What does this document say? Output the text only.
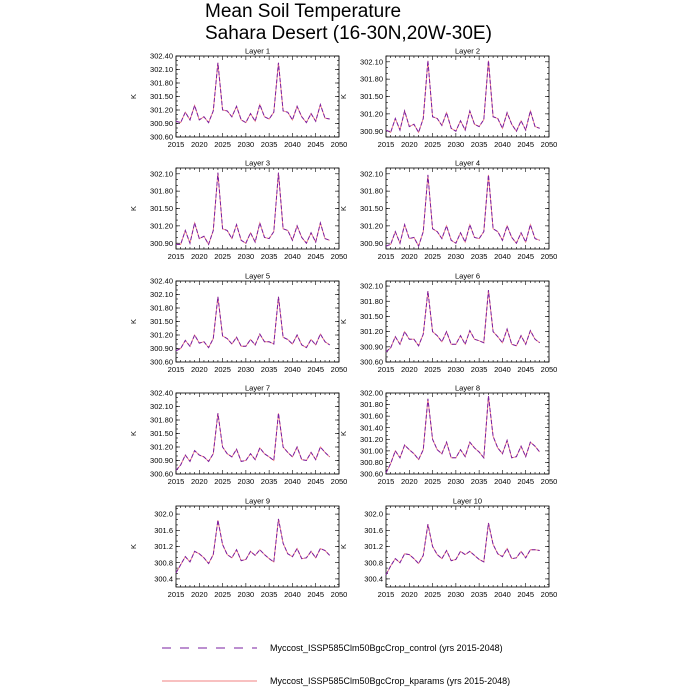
Mean Soil Temperature
Sahara Desert (16-30N,20W-30E)
Layer 1
K
2015 2020 2025 2030 2035 2040 2045 2050
300.60
300.90
301.20
301.50
301.80
302.10
302.40
Layer 2
K
2015 2020 2025 2030 2035 2040 2045 2050
300.90
301.20
301.50
301.80
302.10
Layer 3
K
2015 2020 2025 2030 2035 2040 2045 2050
300.90
301.20
301.50
301.80
302.10
Layer 4
K
2015 2020 2025 2030 2035 2040 2045 2050
300.90
301.20
301.50
301.80
302.10
Layer 5
K
2015 2020 2025 2030 2035 2040 2045 2050
300.60
300.90
301.20
301.50
301.80
302.10
302.40
Layer 6
K
2015 2020 2025 2030 2035 2040 2045 2050
300.60
300.90
301.20
301.50
301.80
302.10
Layer 7
K
2015 2020 2025 2030 2035 2040 2045 2050
300.60
300.90
301.20
301.50
301.80
302.10
302.40
Layer 8
K
2015 2020 2025 2030 2035 2040 2045 2050
300.60
300.80
301.00
301.20
301.40
301.60
301.80
302.00
Layer 9
K
2015 2020 2025 2030 2035 2040 2045 2050
300.4
300.8
301.2
301.6
302.0
Layer 10
K
2015 2020 2025 2030 2035 2040 2045 2050
300.4
300.8
301.2
301.6
302.0
Myccost_ISSP585Clm50BgcCrop_control (yrs 2015-2048)
Myccost_ISSP585Clm50BgcCrop_kparams (yrs 2015-2048)
